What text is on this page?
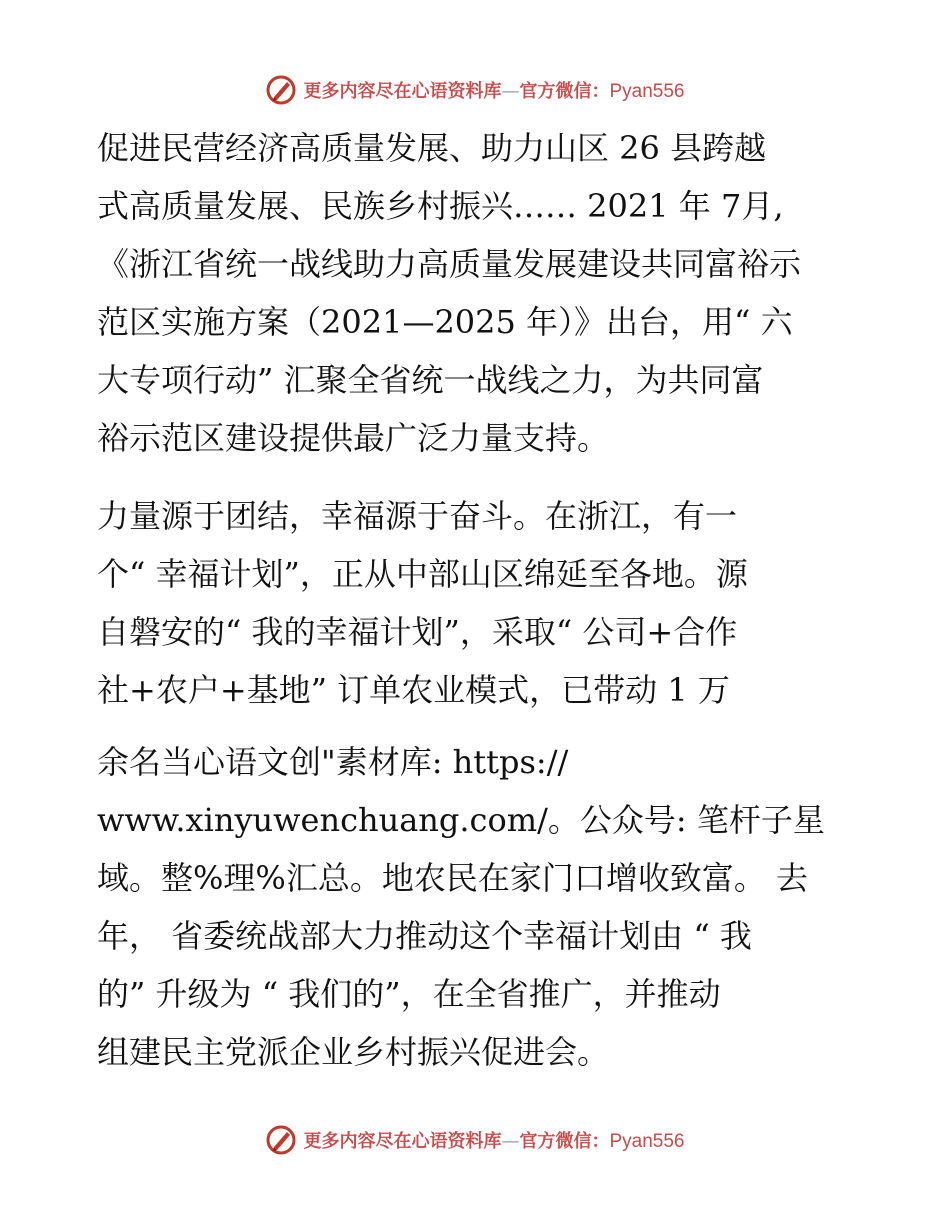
更多内容尽在心语资料库—官方微信：Pyan556
促进民营经济高质量发展、助力山区 26 县跨越
式高质量发展、民族乡村振兴…… 2021 年 7月,
《浙江省统一战线助力高质量发展建设共同富裕示
范区实施方案（2021—2025 年）》出台，用“ 六
大专项行动” 汇聚全省统一战线之力，为共同富
裕示范区建设提供最广泛力量支持。
力量源于团结，幸福源于奋斗。在浙江，有一
个“ 幸福计划”，正从中部山区绵延至各地。源
自磐安的“ 我的幸福计划”，采取“ 公司+合作
社+农户+基地” 订单农业模式，已带动 1 万
余名当心语文创"素材库: https://
www.xinyuwenchuang.com/。公众号: 笔杆子星
域。整%理%汇总。地农民在家门口增收致富。 去
年， 省委统战部大力推动这个幸福计划由 “ 我
的” 升级为 “ 我们的”，在全省推广，并推动
组建民主党派企业乡村振兴促进会。
更多内容尽在心语资料库—官方微信：Pyan556
